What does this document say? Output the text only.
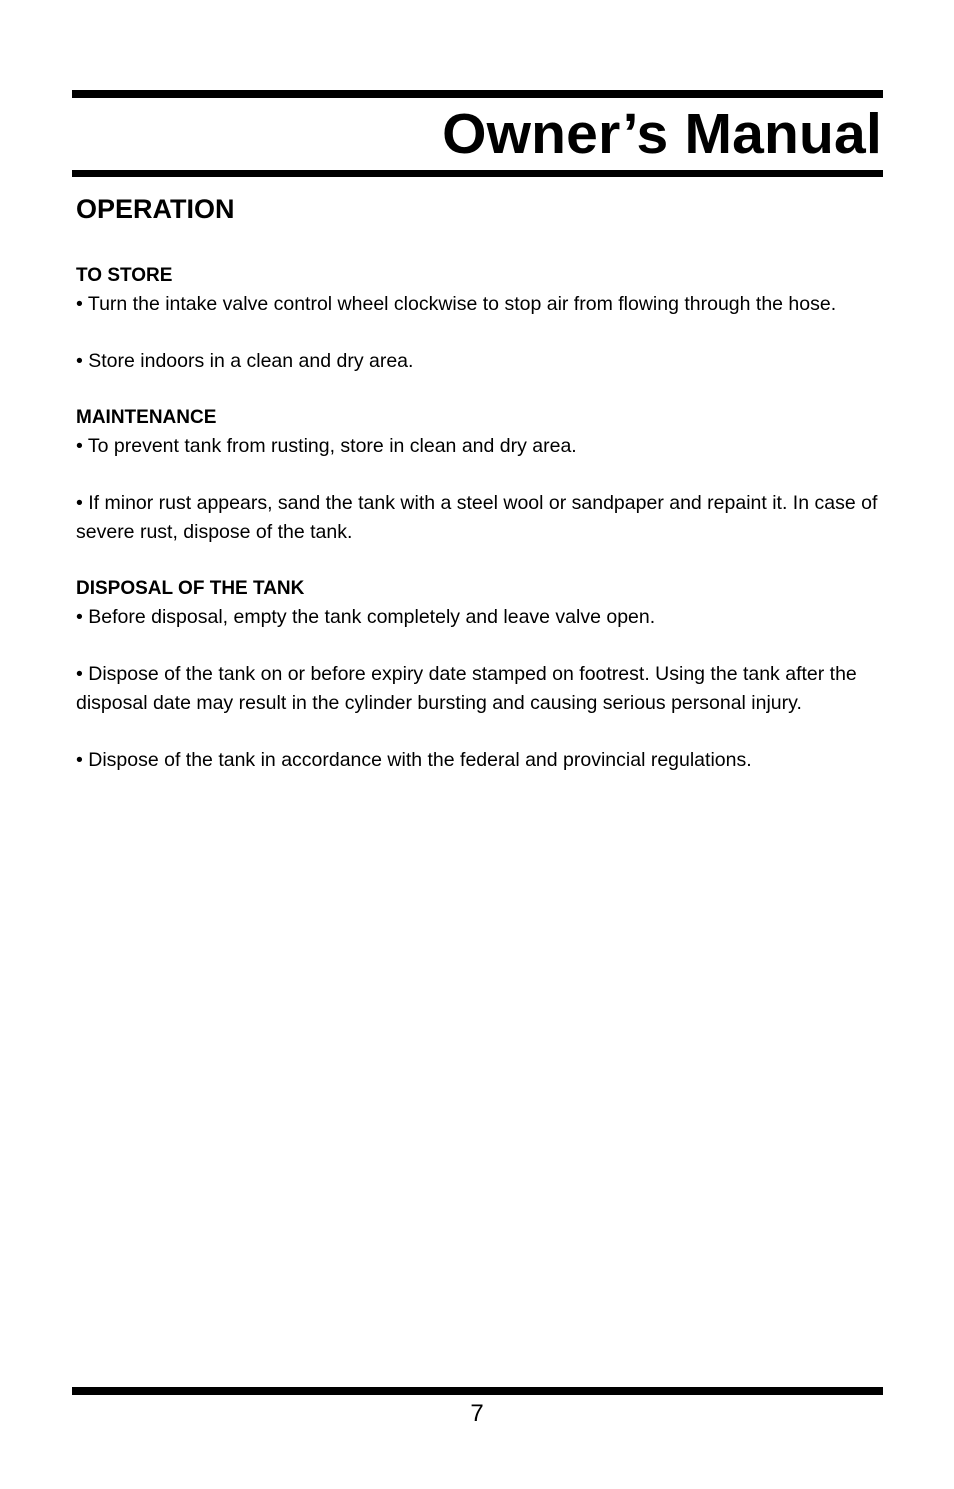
Owner’s Manual
OPERATION
TO STORE

• Turn the intake valve control wheel clockwise to stop air from flowing through the hose.

• Store indoors in a clean and dry area.

MAINTENANCE

• To prevent tank from rusting, store in clean and dry area.

• If minor rust appears, sand the tank with a steel wool or sandpaper and repaint it. In case of severe rust, dispose of the tank.

DISPOSAL OF THE TANK

• Before disposal, empty the tank completely and leave valve open.

• Dispose of the tank on or before expiry date stamped on footrest. Using the tank after the disposal date may result in the cylinder bursting and causing serious personal injury.

• Dispose of the tank in accordance with the federal and provincial regulations.

7
